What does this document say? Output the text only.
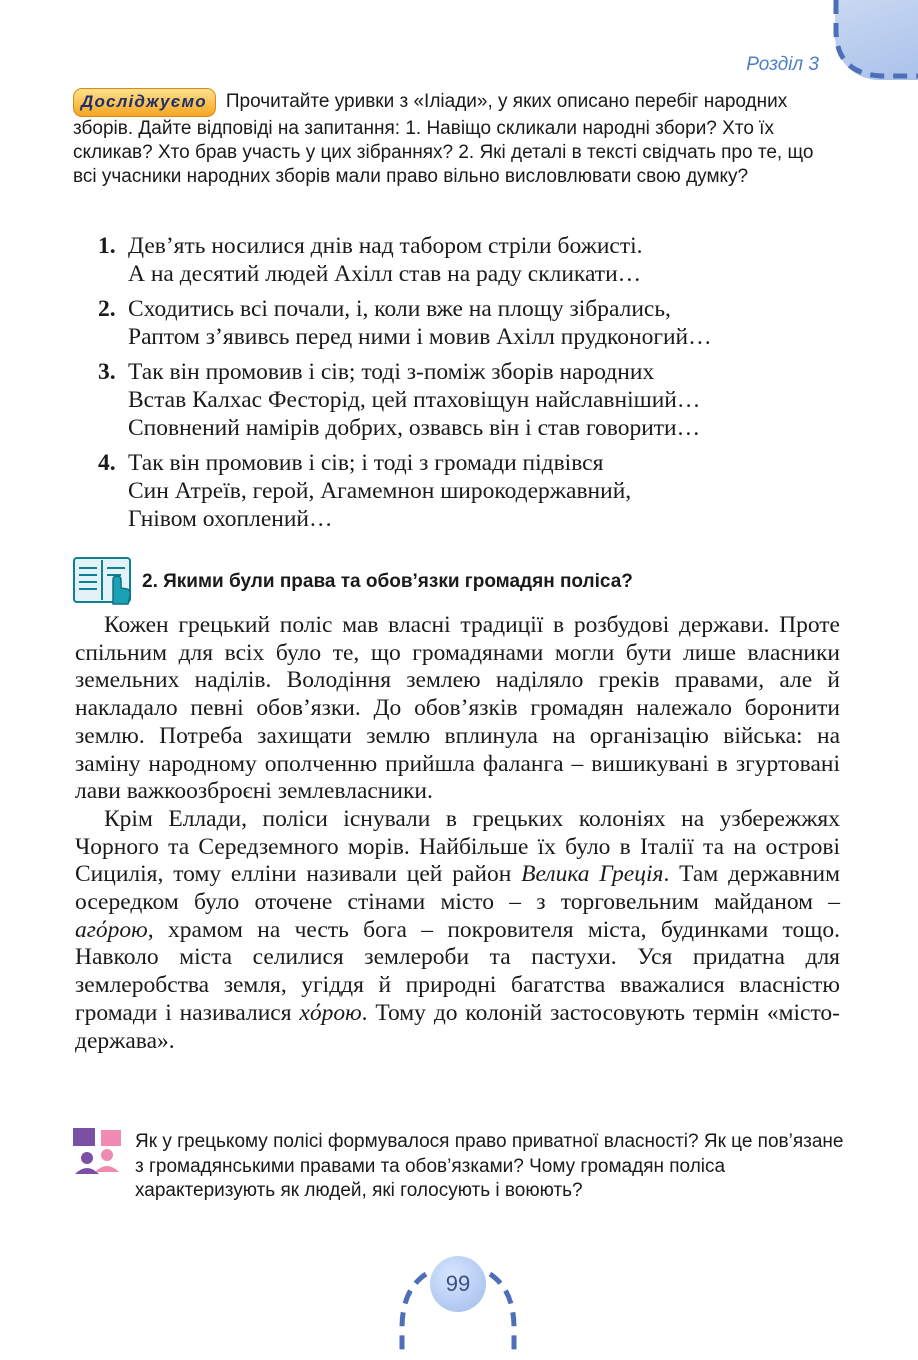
Розділ 3
Досліджуємо Прочитайте уривки з «Іліади», у яких описано перебіг народних зборів. Дайте відповіді на запитання: 1. Навіщо скликали народні збори? Хто їх скликав? Хто брав участь у цих зібраннях? 2. Які деталі в тексті свідчать про те, що всі учасники народних зборів мали право вільно висловлювати свою думку?
1. Дев’ять носилися днів над табором стріли божисті.
А на десятий людей Ахілл став на раду скликати…
2. Сходитись всі почали, і, коли вже на площу зібрались,
Раптом з’явивсь перед ними і мовив Ахілл прудконогий…
3. Так він промовив і сів; тоді з-поміж зборів народних
Встав Калхас Фесторід, цей птаховіщун найславніший…
Сповнений намірів добрих, озвавсь він і став говорити…
4. Так він промовив і сів; і тоді з громади підвівся
Син Атреїв, герой, Агамемнон широкодержавний,
Гнівом охоплений…
2. Якими були права та обов’язки громадян поліса?

Кожен грецький поліс мав власні традиції в розбудові держави. Проте спільним для всіх було те, що громадянами могли бути лише власники земельних наділів. Володіння землею наділяло греків правами, але й накладало певні обов’язки. До обов’язків громадян належало боронити землю. Потреба захищати землю вплинула на організацію війська: на заміну народному ополченню прийшла фаланга – вишикувані в згуртовані лави важкоозброєні землевласники.

Крім Еллади, поліси існували в грецьких колоніях на узбережжях Чорного та Середземного морів. Найбільше їх було в Італії та на острові Сицилія, тому елліни називали цей район Велика Греція. Там державним осередком було оточене стінами місто – з торговельним майданом – агόрою, храмом на честь бога – покровителя міста, будинками тощо. Навколо міста селилися землероби та пастухи. Уся придатна для землеробства земля, угіддя й природні багатства вважалися власністю громади і називалися хόрою. Тому до колоній застосовують термін «місто-держава».

Як у грецькому полісі формувалося право приватної власності? Як це пов’язане з громадянськими правами та обов’язками? Чому громадян поліса характеризують як людей, які голосують і воюють?
99
